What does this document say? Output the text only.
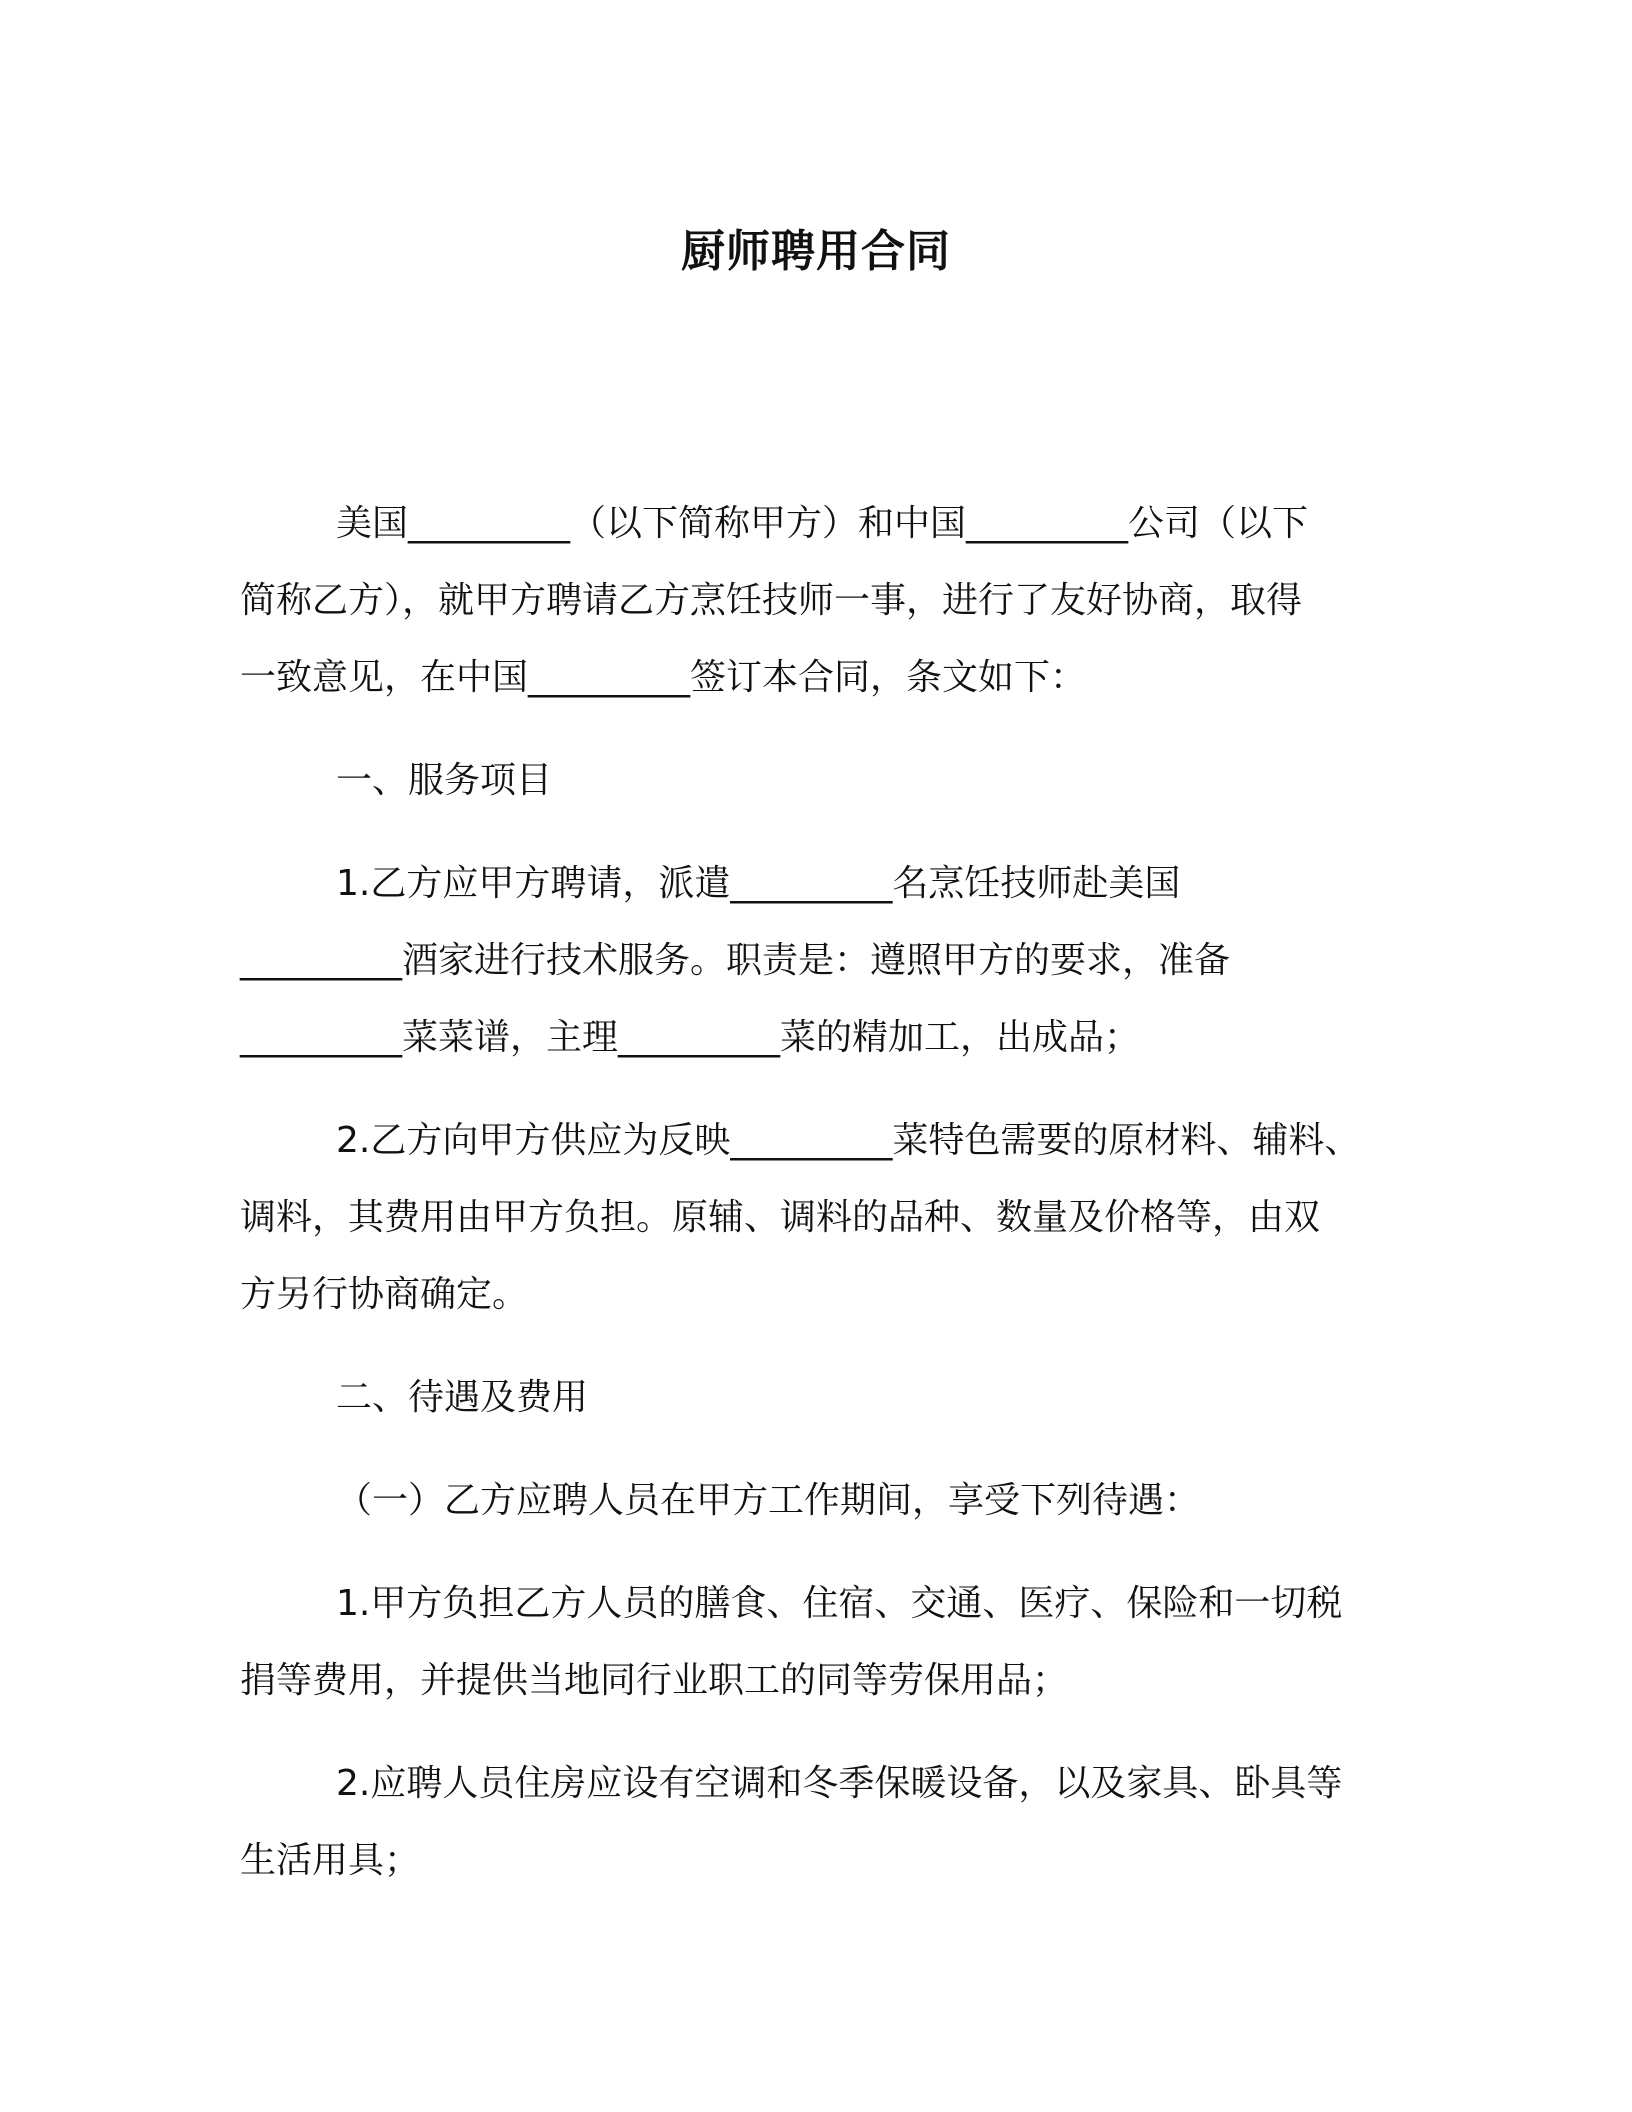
厨师聘用合同

美国_________（以下简称甲方）和中国_________公司（以下
简称乙方），就甲方聘请乙方烹饪技师一事，进行了友好协商，取得
一致意见，在中国_________签订本合同，条文如下：

一、服务项目

1.乙方应甲方聘请，派遣_________名烹饪技师赴美国
_________酒家进行技术服务。职责是：遵照甲方的要求，准备
_________菜菜谱，主理_________菜的精加工，出成品；

2.乙方向甲方供应为反映_________菜特色需要的原材料、辅料、
调料，其费用由甲方负担。原辅、调料的品种、数量及价格等，由双
方另行协商确定。

二、待遇及费用

（一）乙方应聘人员在甲方工作期间，享受下列待遇：

1.甲方负担乙方人员的膳食、住宿、交通、医疗、保险和一切税
捐等费用，并提供当地同行业职工的同等劳保用品；

2.应聘人员住房应设有空调和冬季保暖设备，以及家具、卧具等
生活用具；
